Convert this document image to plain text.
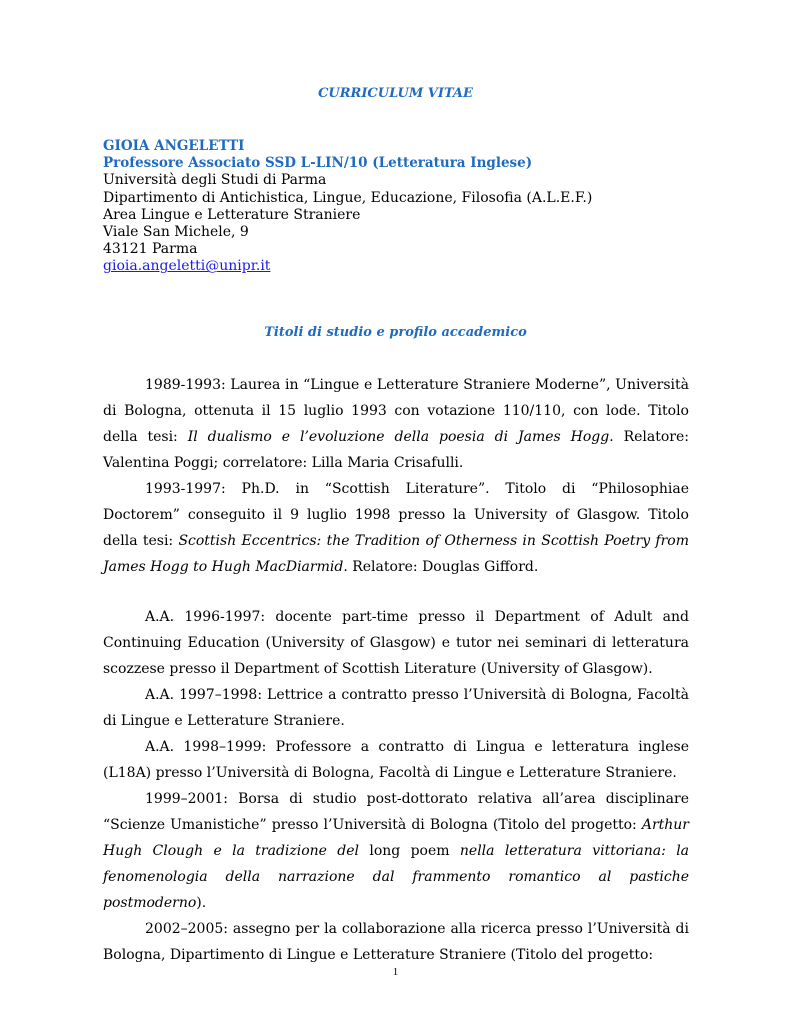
CURRICULUM VITAE
GIOIA ANGELETTI
Professore Associato SSD L-LIN/10 (Letteratura Inglese)
Università degli Studi di Parma
Dipartimento di Antichistica, Lingue, Educazione, Filosofia (A.L.E.F.)
Area Lingue e Letterature Straniere
Viale San Michele, 9
43121 Parma
gioia.angeletti@unipr.it
Titoli di studio e profilo accademico

1989-1993: Laurea in “Lingue e Letterature Straniere Moderne”, Università di Bologna, ottenuta il 15 luglio 1993 con votazione 110/110, con lode. Titolo della tesi: Il dualismo e l’evoluzione della poesia di James Hogg. Relatore: Valentina Poggi; correlatore: Lilla Maria Crisafulli.

1993-1997: Ph.D. in “Scottish Literature”. Titolo di “Philosophiae Doctorem” conseguito il 9 luglio 1998 presso la University of Glasgow. Titolo della tesi: Scottish Eccentrics: the Tradition of Otherness in Scottish Poetry from James Hogg to Hugh MacDiarmid. Relatore: Douglas Gifford.

A.A. 1996-1997: docente part-time presso il Department of Adult and Continuing Education (University of Glasgow) e tutor nei seminari di letteratura scozzese presso il Department of Scottish Literature (University of Glasgow).

A.A. 1997–1998: Lettrice a contratto presso l’Università di Bologna, Facoltà di Lingue e Letterature Straniere.

A.A. 1998–1999: Professore a contratto di Lingua e letteratura inglese (L18A) presso l’Università di Bologna, Facoltà di Lingue e Letterature Straniere.

1999–2001: Borsa di studio post-dottorato relativa all’area disciplinare “Scienze Umanistiche” presso l’Università di Bologna (Titolo del progetto: Arthur Hugh Clough e la tradizione del long poem nella letteratura vittoriana: la fenomenologia della narrazione dal frammento romantico al pastiche postmoderno).

2002–2005: assegno per la collaborazione alla ricerca presso l’Università di Bologna, Dipartimento di Lingue e Letterature Straniere (Titolo del progetto:

1
